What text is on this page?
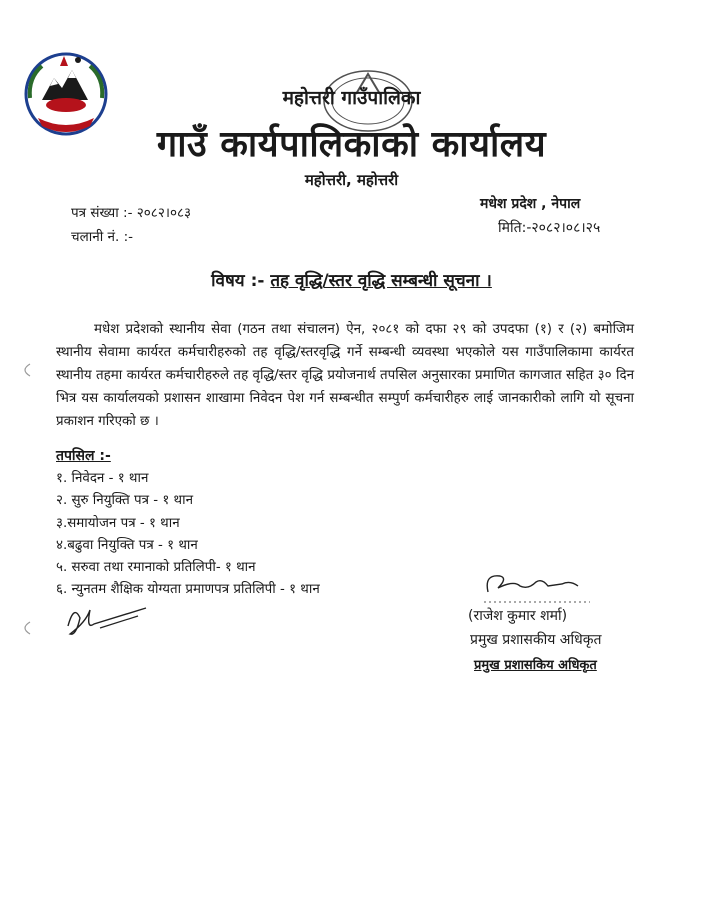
महोत्तरी गाउँपालिका
गाउँ कार्यपालिकाको कार्यालय
महोत्तरी, महोत्तरी
पत्र संख्या :- २०८२।०८३
चलानी नं. :-
मधेश प्रदेश , नेपाल
मिति:-२०८२।०८।२५
विषय :- तह वृद्धि/स्तर वृद्धि सम्बन्धी सूचना ।
मधेश प्रदेशको स्थानीय सेवा (गठन तथा संचालन) ऐन, २०८१ को दफा २९ को उपदफा (१) र (२) बमोजिम स्थानीय सेवामा कार्यरत कर्मचारीहरुको तह वृद्धि/स्तरवृद्धि गर्ने सम्बन्धी व्यवस्था भएकोले यस गाउँपालिकामा कार्यरत स्थानीय तहमा कार्यरत कर्मचारीहरुले तह वृद्धि/स्तर वृद्धि प्रयोजनार्थ तपसिल अनुसारका प्रमाणित कागजात सहित ३० दिन भित्र यस कार्यालयको प्रशासन शाखामा निवेदन पेश गर्न सम्बन्धीत सम्पुर्ण कर्मचारीहरु लाई जानकारीको लागि यो सूचना प्रकाशन गरिएको छ ।
तपसिल :-
१. निवेदन - १ थान
२. सुरु नियुक्ति पत्र - १ थान
३.समायोजन पत्र - १ थान
४.बढुवा नियुक्ति पत्र - १ थान
५. सरुवा तथा रमानाको प्रतिलिपी- १ थान
६. न्युनतम शैक्षिक योग्यता प्रमाणपत्र प्रतिलिपी - १ थान
(राजेश कुमार शर्मा)
प्रमुख प्रशासकीय अधिकृत
प्रमुख प्रशासकिय अधिकृत
